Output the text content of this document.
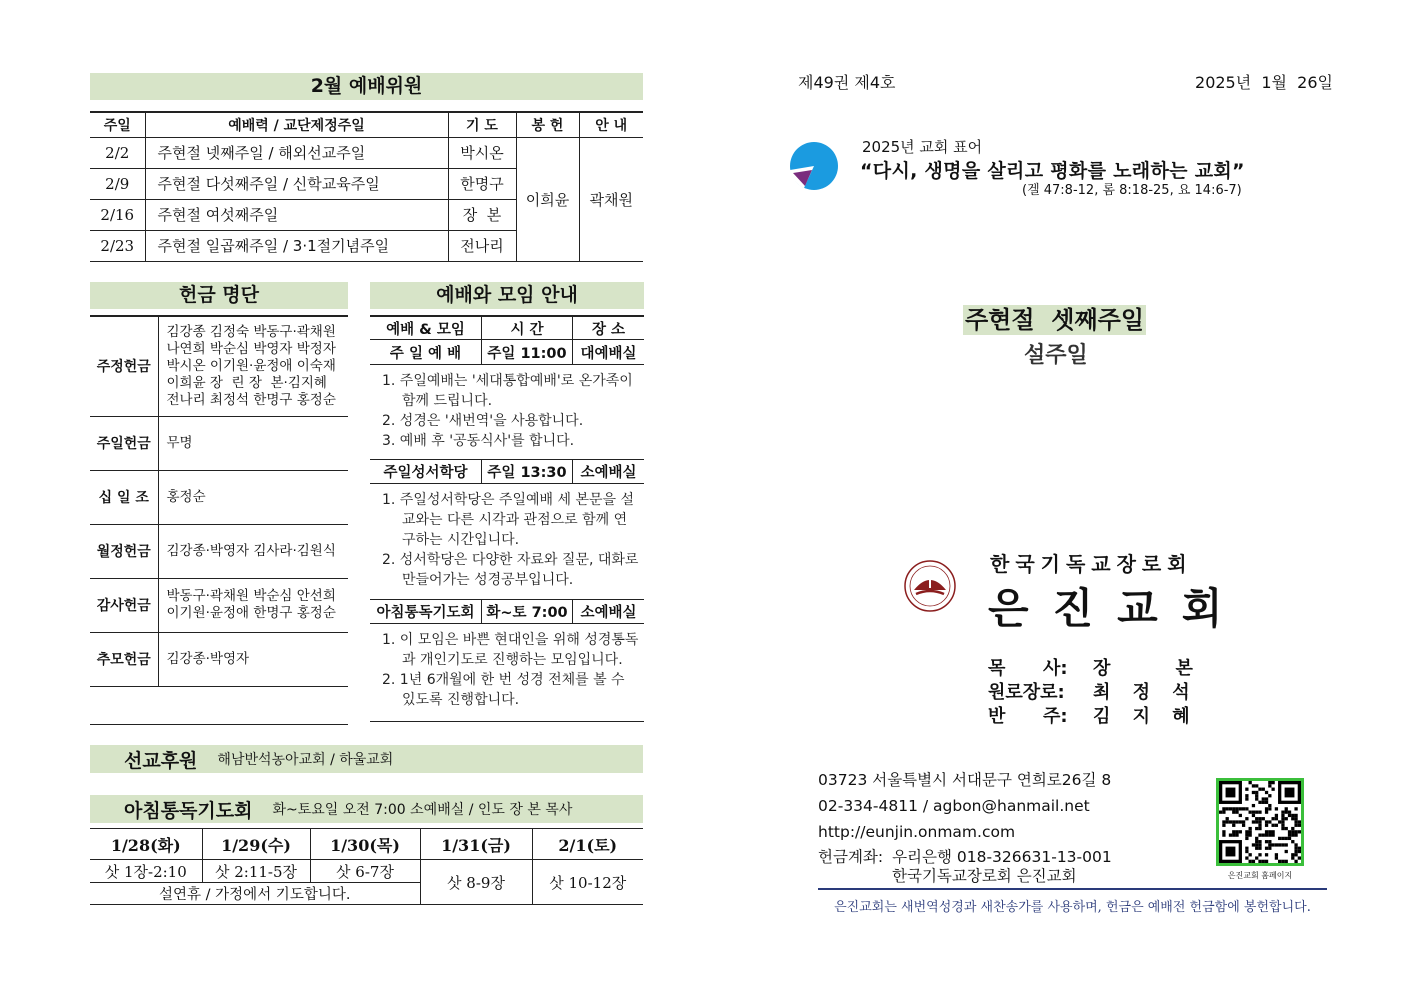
2월 예배위원
주일	예배력 / 교단제정주일	기 도	봉 헌	안 내
2/2	주현절 넷째주일 / 해외선교주일	박시온	이희윤	곽채원
2/9	주현절 다섯째주일 / 신학교육주일	한명구		
2/16	주현절 여섯째주일	장  본		
2/23	주현절 일곱째주일 / 3·1절기념주일	전나리		
헌금 명단
주정헌금	김강종 김정숙 박동구·곽채원
나연희 박순심 박영자 박정자
박시온 이기원·윤정애 이숙재
이희윤 장  린 장  본·김지혜
전나리 최정석 한명구 홍정순

주일헌금	무명

십 일 조	홍정순

월정헌금	김강종·박영자 김사라·김원식

감사헌금	박동구·곽채원 박순심 안선희
이기원·윤정애 한명구 홍정순

추모헌금	김강종·박영자

예배와 모임 안내
예배 & 모임	시 간	장 소
주 일 예 배	주일 11:00 대예배실
1. 주일예배는 '세대통합예배'로 온가족이 함께 드립니다.
2. 성경은 '새번역'을 사용합니다.
3. 예배 후 '공동식사'를 합니다.
주일성서학당	주일 13:30 소예배실
1. 주일성서학당은 주일예배 세 본문을 설교와는 다른 시각과 관점으로 함께 연구하는 시간입니다.
2. 성서학당은 다양한 자료와 질문, 대화로 만들어가는 성경공부입니다.
아침통독기도회 화~토 7:00 소예배실
1. 이 모임은 바쁜 현대인을 위해 성경통독과 개인기도로 진행하는 모임입니다.
2. 1년 6개월에 한 번 성경 전체를 볼 수 있도록 진행합니다.
선교후원 해남반석농아교회 / 하울교회
아침통독기도회 화~토요일 오전 7:00 소예배실 / 인도 장 본 목사
1/28(화)	1/29(수)	1/30(목)	1/31(금)	2/1(토)
삿 1장-2:10	삿 2:11-5장	삿 6-7장	삿 8-9장	삿 10-12장
설연휴 / 가정에서 기도합니다.				
제49권 제4호	2025년  1월  26일
2025년 교회 표어
“다시, 생명을 살리고 평화를 노래하는 교회”
(겔 47:8-12, 롬 8:18-25, 요 14:6-7)
주현절  셋째주일
설주일
한국기독교장로회
은진교회
목      사:	장    본
원로장로:	최 정 석
반      주:	김 지 혜
03723 서울특별시 서대문구 연희로26길 8
02-334-4811 / agbon@hanmail.net
http://eunjin.onmam.com
헌금계좌: 우리은행 018-326631-13-001
한국기독교장로회 은진교회	은진교회 홈페이지
은진교회는 새번역성경과 새찬송가를 사용하며, 헌금은 예배전 헌금함에 봉헌합니다.
